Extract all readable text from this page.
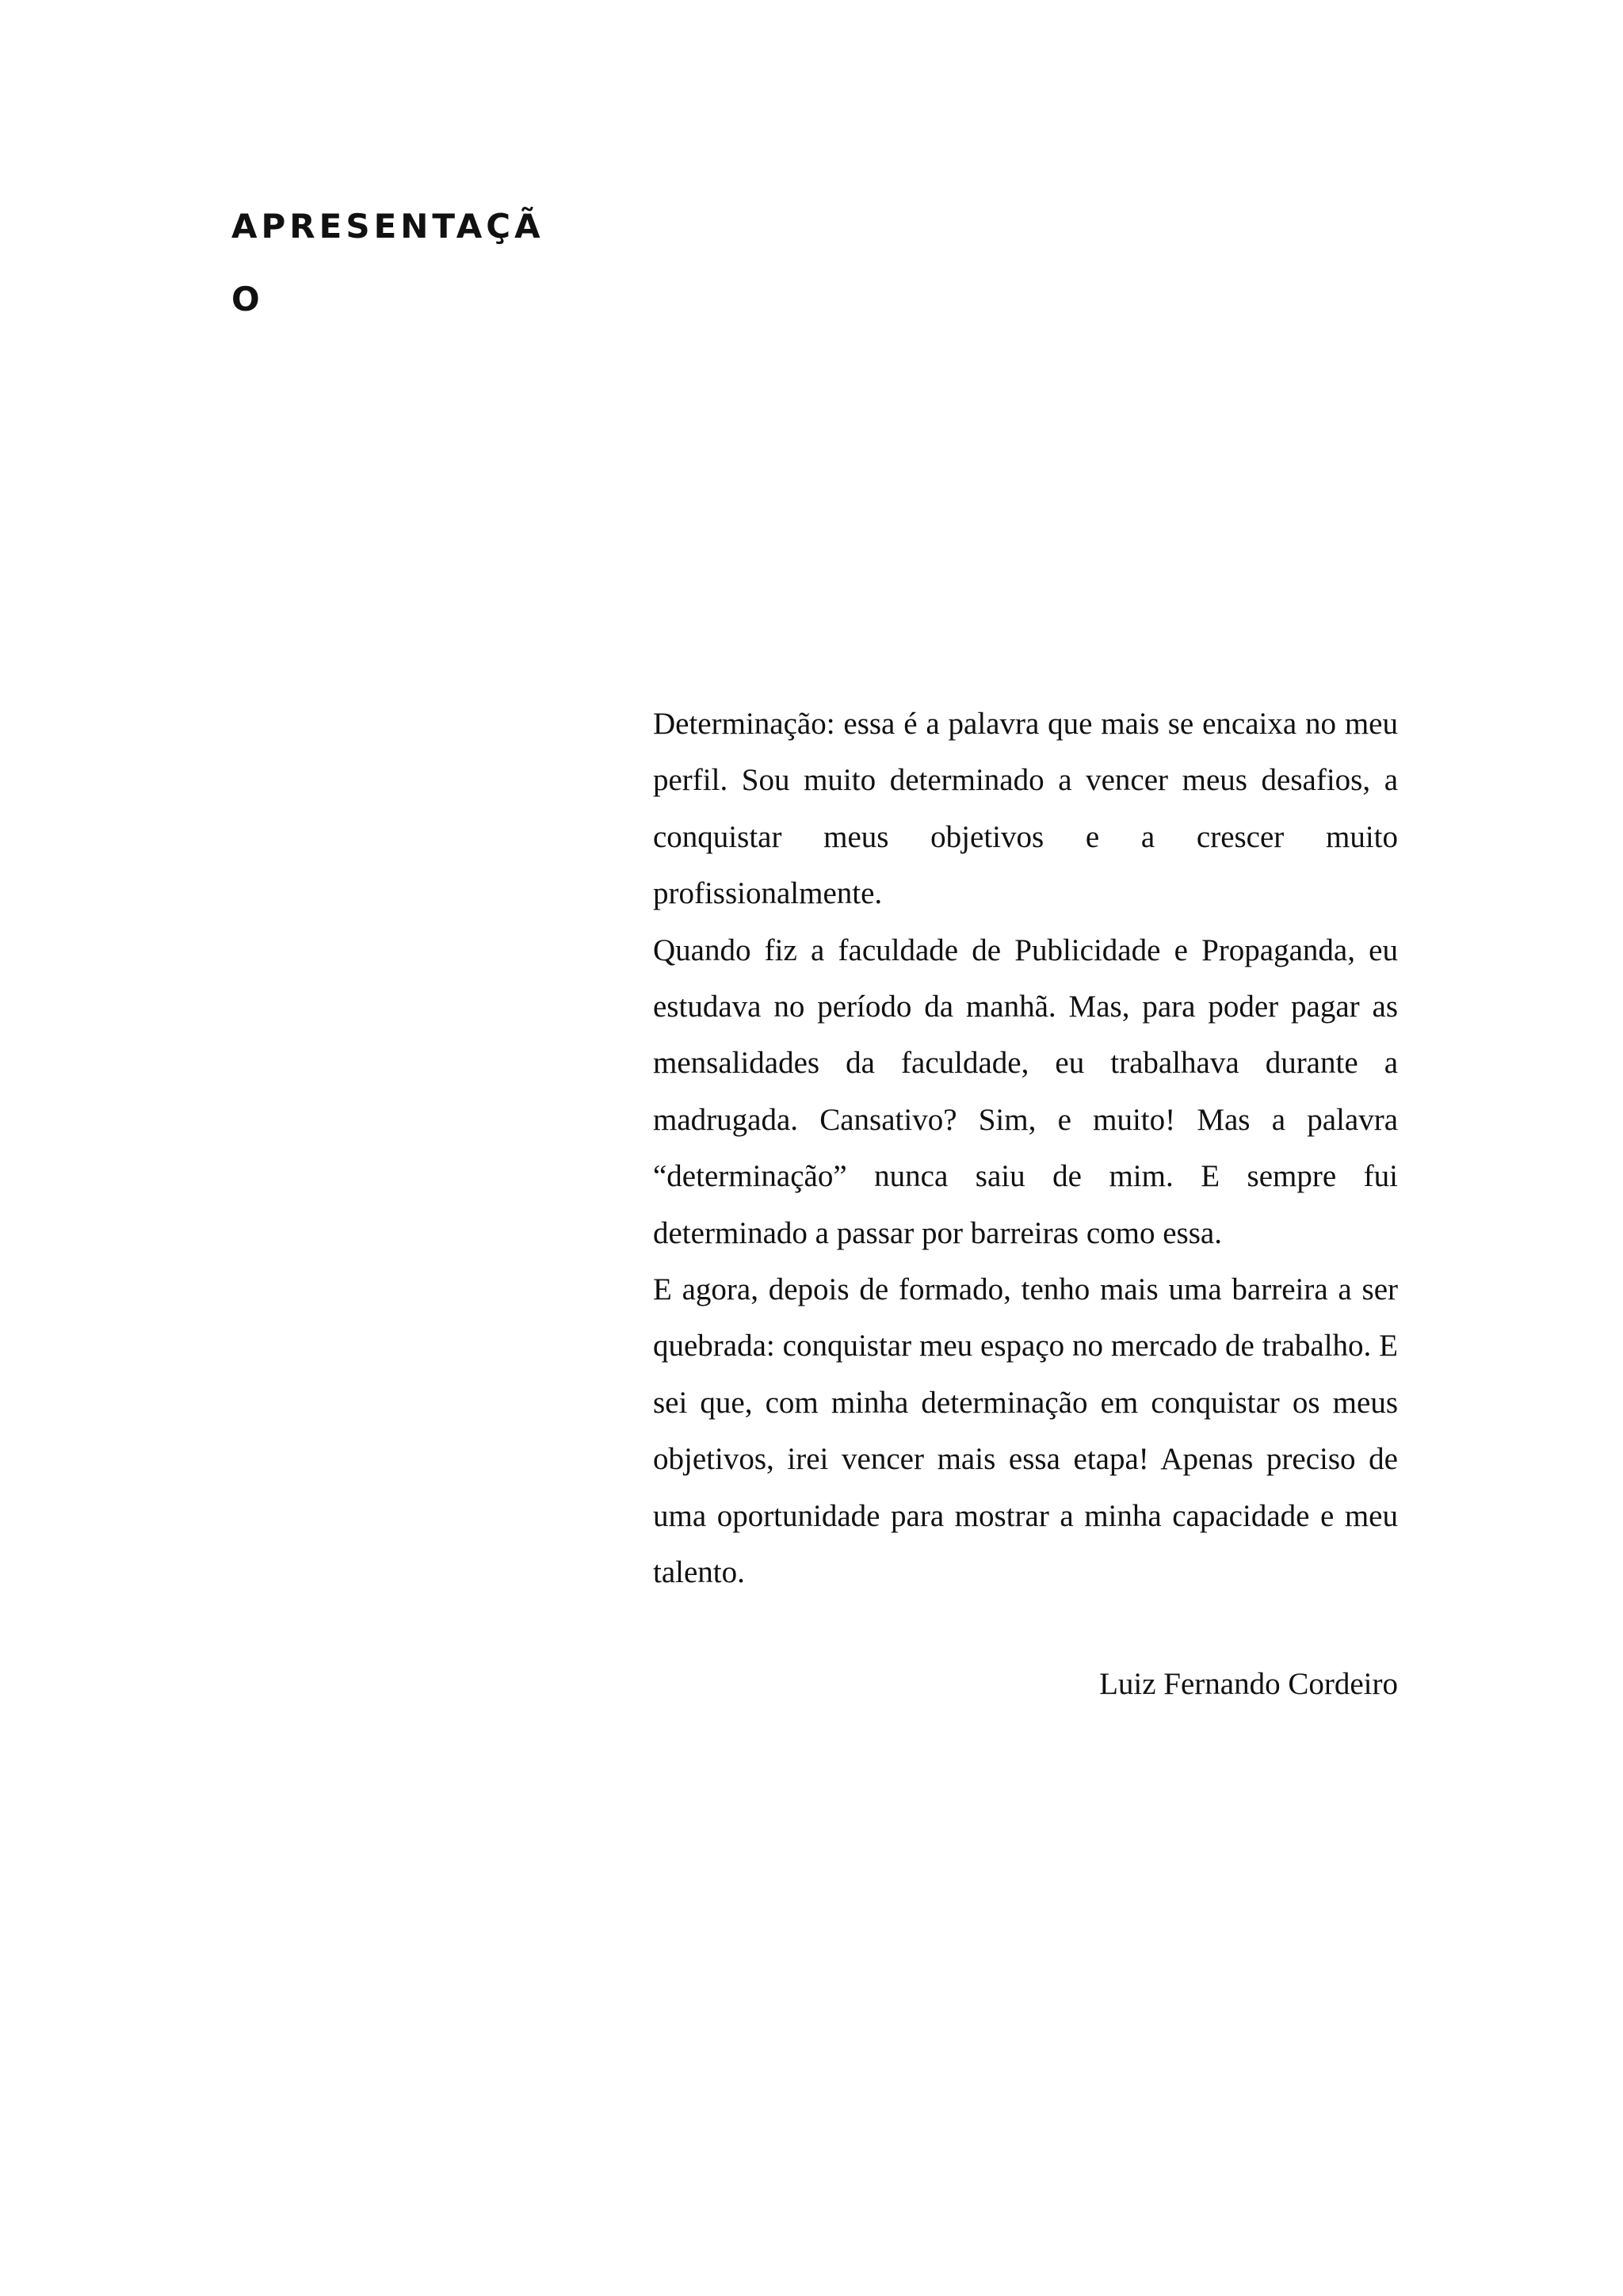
APRESENTAÇÃ
O

Determinação: essa é a palavra que mais se encaixa no meu perfil. Sou muito determinado a vencer meus desafios, a conquistar meus objetivos e a crescer muito profissionalmente.

Quando fiz a faculdade de Publicidade e Propaganda, eu estudava no período da manhã. Mas, para poder pagar as mensalidades da faculdade, eu trabalhava durante a madrugada. Cansativo? Sim, e muito! Mas a palavra “determinação” nunca saiu de mim. E sempre fui determinado a passar por barreiras como essa.

E agora, depois de formado, tenho mais uma barreira a ser quebrada: conquistar meu espaço no mercado de trabalho. E sei que, com minha determinação em conquistar os meus objetivos, irei vencer mais essa etapa! Apenas preciso de uma oportunidade para mostrar a minha capacidade e meu talento.

Luiz Fernando Cordeiro
